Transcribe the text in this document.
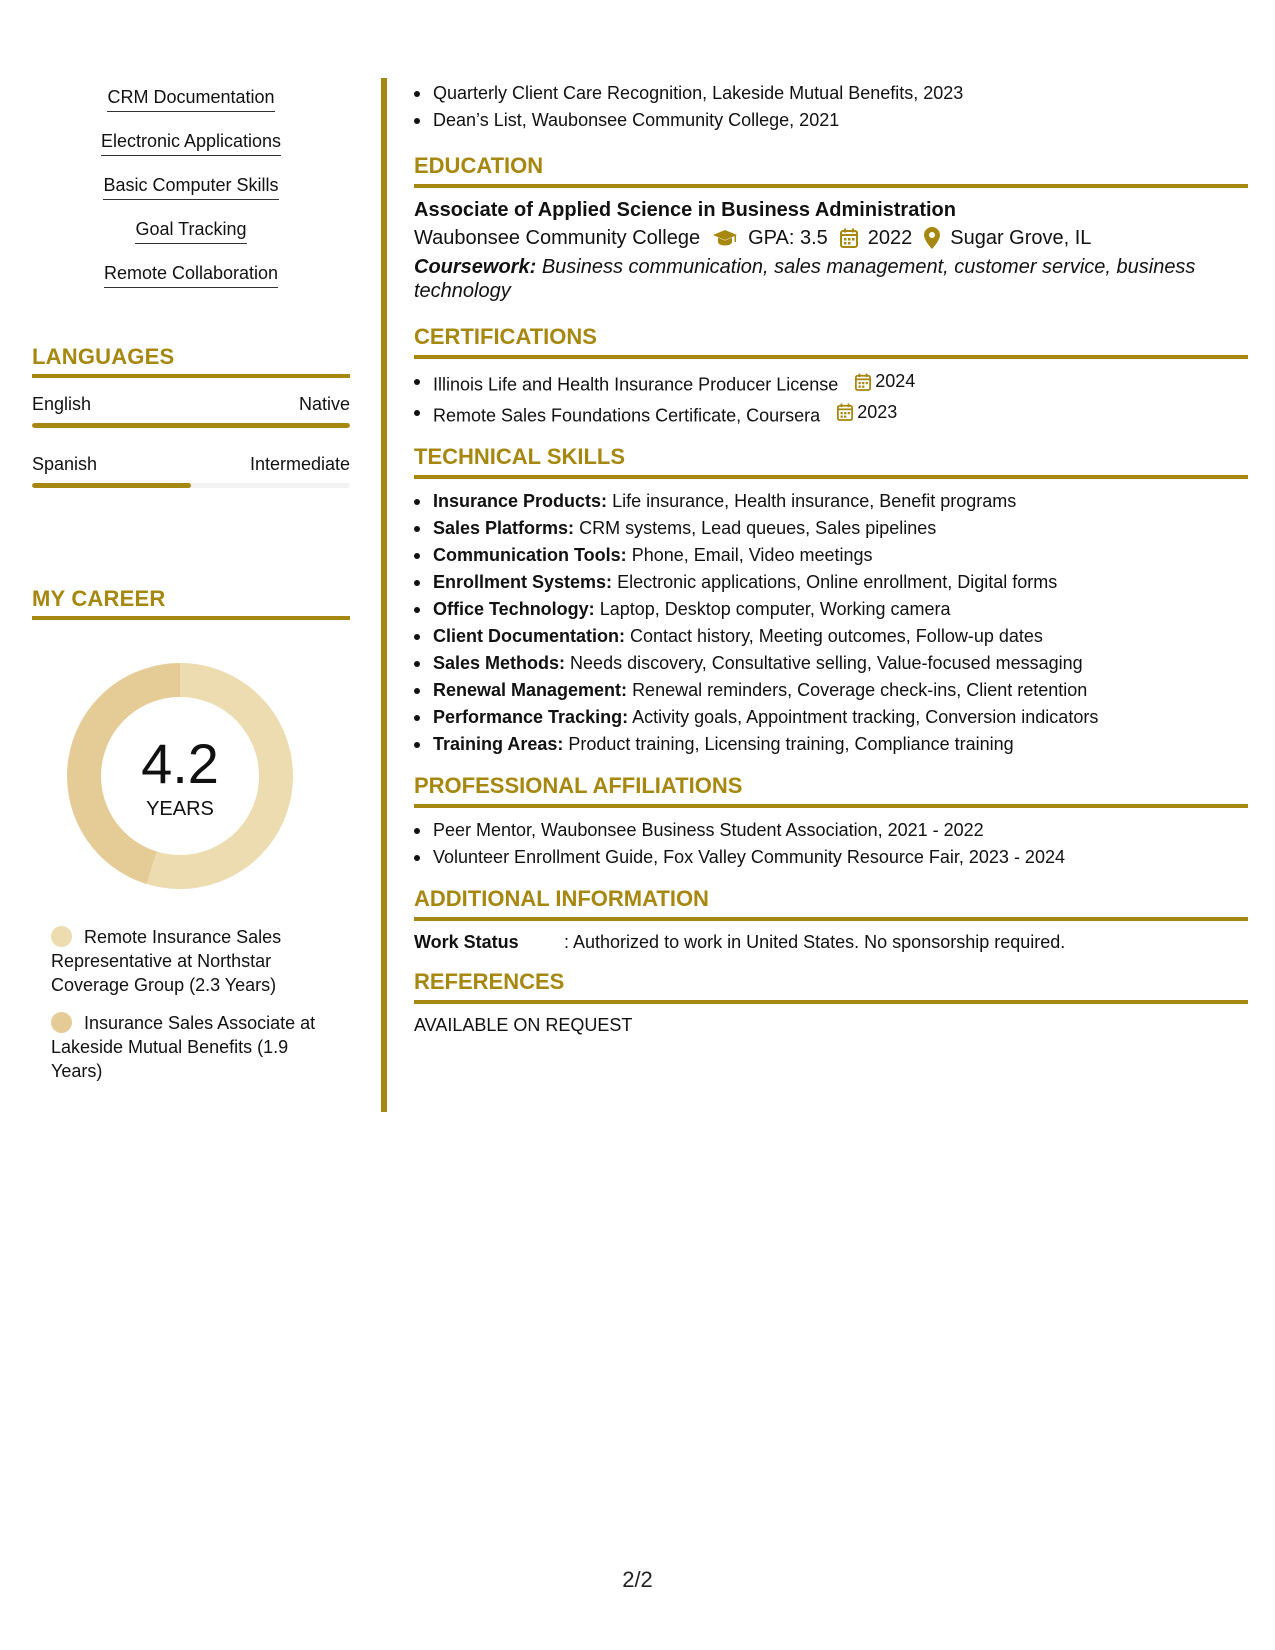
CRM Documentation
Electronic Applications
Basic Computer Skills
Goal Tracking
Remote Collaboration
LANGUAGES
English	Native
Spanish	Intermediate
MY CAREER
4.2
YEARS
Remote Insurance Sales Representative at Northstar Coverage Group (2.3 Years)
Insurance Sales Associate at Lakeside Mutual Benefits (1.9 Years)
Quarterly Client Care Recognition, Lakeside Mutual Benefits, 2023
Dean’s List, Waubonsee Community College, 2021
EDUCATION
Associate of Applied Science in Business Administration
Waubonsee Community College GPA: 3.5 2022 Sugar Grove, IL
Coursework: Business communication, sales management, customer service, business technology
CERTIFICATIONS
Illinois Life and Health Insurance Producer License 2024
Remote Sales Foundations Certificate, Coursera 2023
TECHNICAL SKILLS
Insurance Products: Life insurance, Health insurance, Benefit programs
Sales Platforms: CRM systems, Lead queues, Sales pipelines
Communication Tools: Phone, Email, Video meetings
Enrollment Systems: Electronic applications, Online enrollment, Digital forms
Office Technology: Laptop, Desktop computer, Working camera
Client Documentation: Contact history, Meeting outcomes, Follow-up dates
Sales Methods: Needs discovery, Consultative selling, Value-focused messaging
Renewal Management: Renewal reminders, Coverage check-ins, Client retention
Performance Tracking: Activity goals, Appointment tracking, Conversion indicators
Training Areas: Product training, Licensing training, Compliance training
PROFESSIONAL AFFILIATIONS
Peer Mentor, Waubonsee Business Student Association, 2021 - 2022
Volunteer Enrollment Guide, Fox Valley Community Resource Fair, 2023 - 2024
ADDITIONAL INFORMATION
Work Status	: Authorized to work in United States. No sponsorship required.
REFERENCES
AVAILABLE ON REQUEST
2/2
